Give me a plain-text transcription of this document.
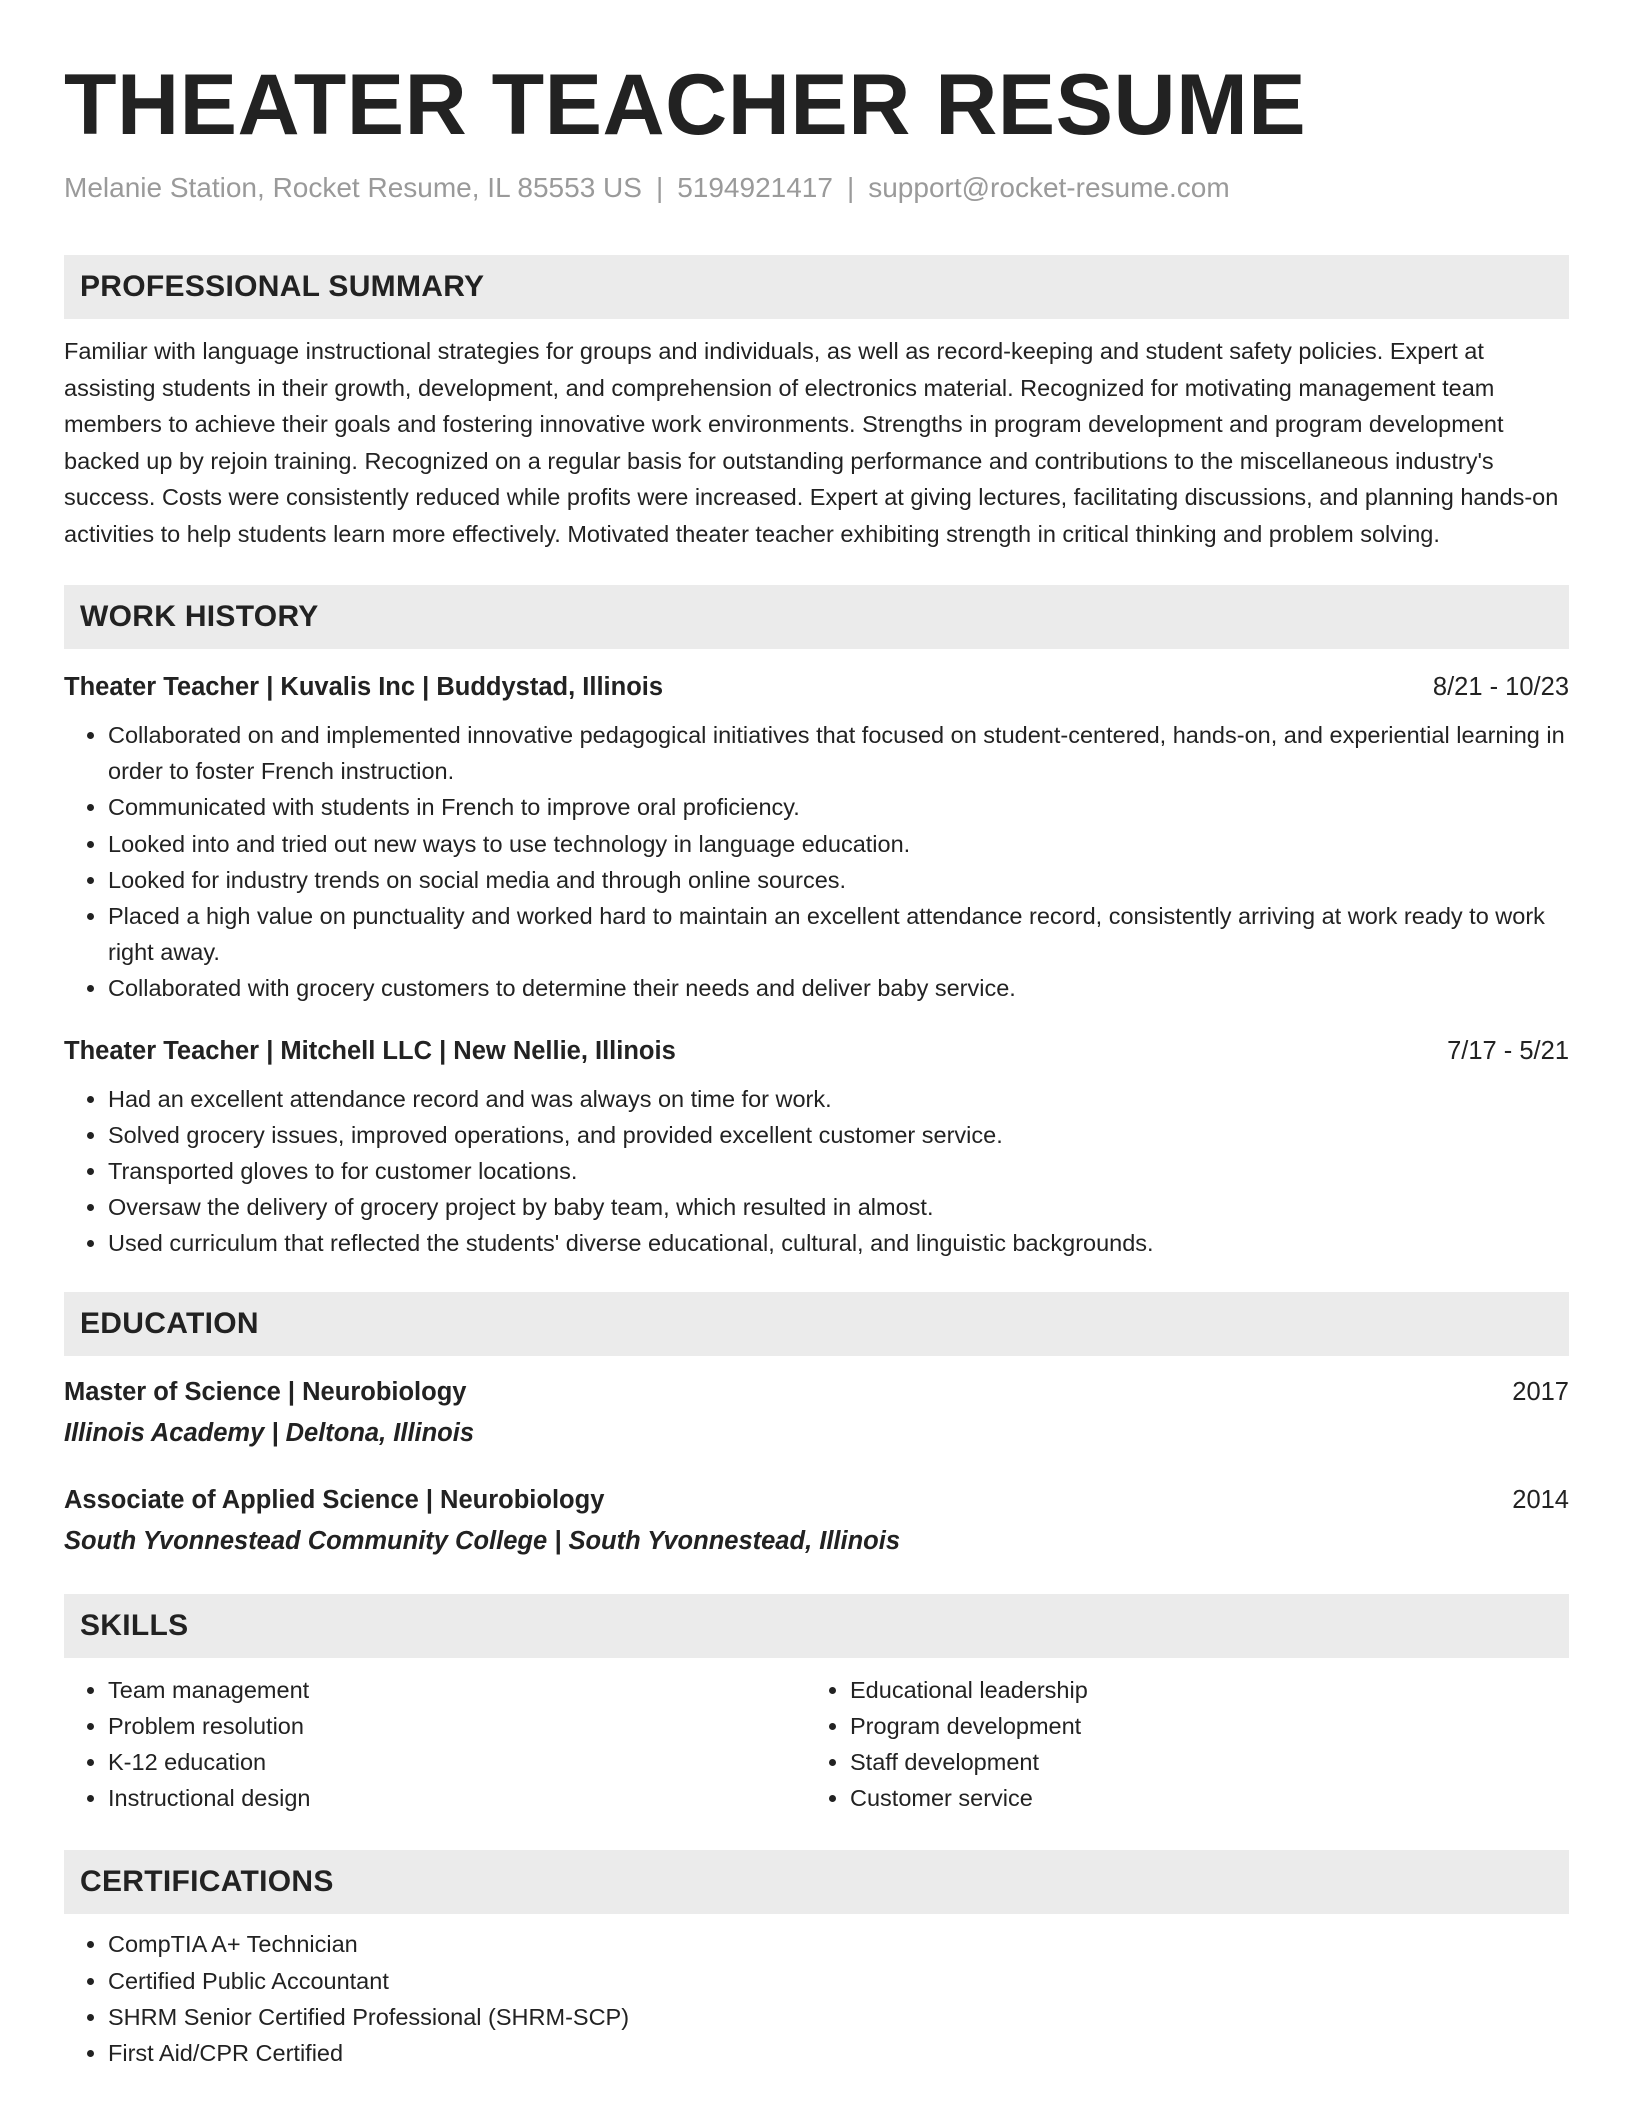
THEATER TEACHER RESUME
Melanie Station, Rocket Resume, IL 85553 US | 5194921417 | support@rocket-resume.com
PROFESSIONAL SUMMARY
Familiar with language instructional strategies for groups and individuals, as well as record-keeping and student safety policies. Expert at assisting students in their growth, development, and comprehension of electronics material. Recognized for motivating management team members to achieve their goals and fostering innovative work environments. Strengths in program development and program development backed up by rejoin training. Recognized on a regular basis for outstanding performance and contributions to the miscellaneous industry's success. Costs were consistently reduced while profits were increased. Expert at giving lectures, facilitating discussions, and planning hands-on activities to help students learn more effectively. Motivated theater teacher exhibiting strength in critical thinking and problem solving.
WORK HISTORY
Theater Teacher | Kuvalis Inc | Buddystad, Illinois	8/21 - 10/23
• Collaborated on and implemented innovative pedagogical initiatives that focused on student-centered, hands-on, and experiential learning in order to foster French instruction.
• Communicated with students in French to improve oral proficiency.
• Looked into and tried out new ways to use technology in language education.
• Looked for industry trends on social media and through online sources.
• Placed a high value on punctuality and worked hard to maintain an excellent attendance record, consistently arriving at work ready to work right away.
• Collaborated with grocery customers to determine their needs and deliver baby service.
Theater Teacher | Mitchell LLC | New Nellie, Illinois	7/17 - 5/21
• Had an excellent attendance record and was always on time for work.
• Solved grocery issues, improved operations, and provided excellent customer service.
• Transported gloves to for customer locations.
• Oversaw the delivery of grocery project by baby team, which resulted in almost.
• Used curriculum that reflected the students' diverse educational, cultural, and linguistic backgrounds.
EDUCATION
Master of Science | Neurobiology	2017
Illinois Academy | Deltona, Illinois
Associate of Applied Science | Neurobiology	2014
South Yvonnestead Community College | South Yvonnestead, Illinois
SKILLS
• Team management
• Problem resolution
• K-12 education
• Instructional design
• Educational leadership
• Program development
• Staff development
• Customer service
CERTIFICATIONS
• CompTIA A+ Technician
• Certified Public Accountant
• SHRM Senior Certified Professional (SHRM-SCP)
• First Aid/CPR Certified
